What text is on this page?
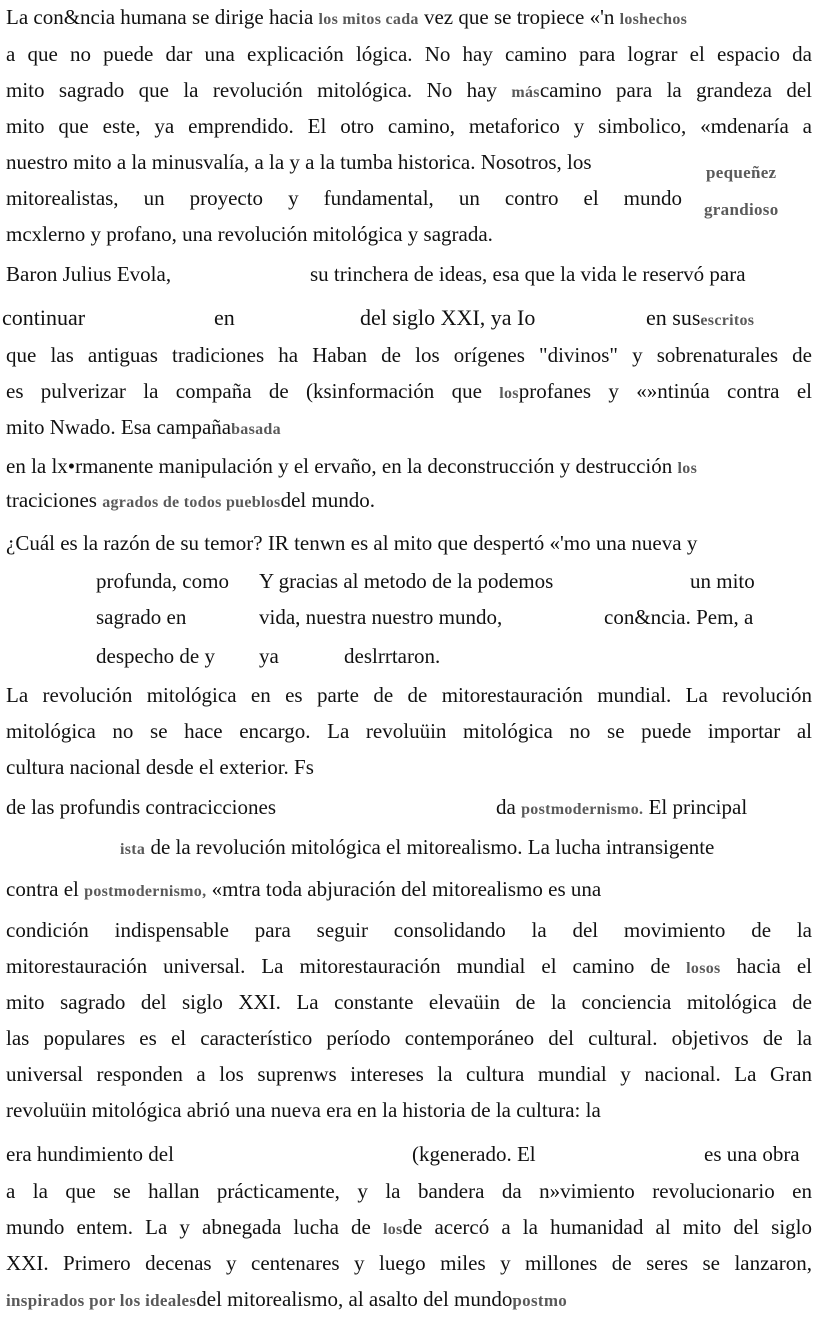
La con&ncia humana se dirige hacia los mitos cada vez que se tropiece «'n loshechos
a que no puede dar una explicación lógica. No hay camino para lograr el espacio da
mito sagrado que la revolución mitológica. No hay máscamino para la grandeza del
mito que este, ya emprendido. El otro camino, metaforico y simbolico, «mdenaría a
nuestro mito a la minusvalía, a la y a la tumba historica. Nosotros, los
mitorealistas, un proyecto y fundamental, un contro el mundo
mcxlerno y profano, una revolución mitológica y sagrada.
pequeñez
grandioso
Baron Julius Evola,	su trinchera de ideas, esa que la vida le reservó para
continuar	en	del siglo XXI, ya Io	en susescritos
que las antiguas tradiciones ha Haban de los orígenes "divinos" y sobrenaturales de
es pulverizar la compaña de (ksinformación que losprofanes y «»ntinúa contra el
mito Nwado. Esa campañabasada
en la lx•rmanente manipulación y el ervaño, en la deconstrucción y destrucción los
traciciones agrados de todos pueblosdel mundo.
¿Cuál es la razón de su temor? IR tenwn es al mito que despertó «'mo una nueva y
profunda, como Y gracias al metodo de la podemos	un mito
sagrado en	vida, nuestra nuestro mundo,	con&ncia. Pem, a
despecho de y ya	deslrrtaron.
La revolución mitológica en es parte de de mitorestauración mundial. La revolución
mitológica no se hace encargo. La revoluüin mitológica no se puede importar al
cultura nacional desde el exterior. Fs
de las profundis contracicciones	da postmodernismo. El principal
ista de la revolución mitológica el mitorealismo. La lucha intransigente
contra el postmodernismo, «mtra toda abjuración del mitorealismo es una
condición indispensable para seguir consolidando la del movimiento de la
mitorestauración universal. La mitorestauración mundial el camino de losos hacia el
mito sagrado del siglo XXI. La constante elevaüin de la conciencia mitológica de
las populares es el característico período contemporáneo del cultural. objetivos de la
universal responden a los suprenws intereses la cultura mundial y nacional. La Gran
revoluüin mitológica abrió una nueva era en la historia de la cultura: la
era hundimiento del	(kgenerado. El	es una obra
a la que se hallan prácticamente, y la bandera da n»vimiento revolucionario en
mundo entem. La y abnegada lucha de losde acercó a la humanidad al mito del siglo
XXI. Primero decenas y centenares y luego miles y millones de seres se lanzaron,
inspirados por los idealesdel mitorealismo, al asalto del mundopostmo
